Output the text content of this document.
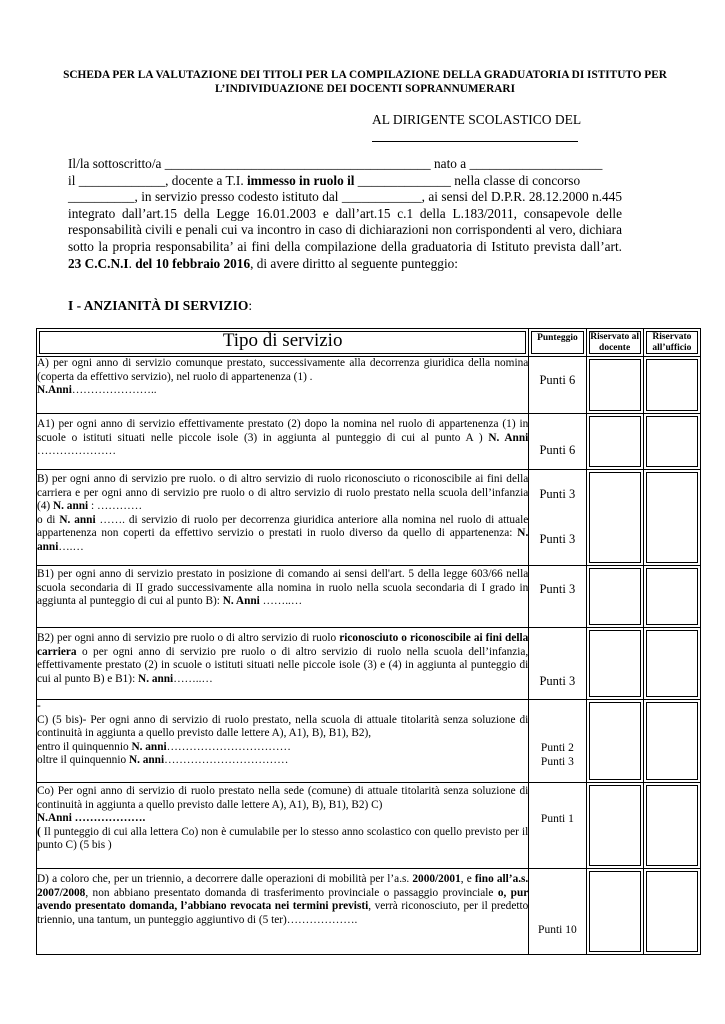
SCHEDA PER LA VALUTAZIONE DEI TITOLI PER LA COMPILAZIONE DELLA GRADUATORIA DI ISTITUTO PER L’INDIVIDUAZIONE DEI DOCENTI SOPRANNUMERARI
AL DIRIGENTE SCOLASTICO DEL

Il/la sottoscritto/a ________________________________________ nato a ____________________
il _____________, docente a T.I. immesso in ruolo il ______________ nella classe di concorso
__________, in servizio presso codesto istituto dal ____________, ai sensi del D.P.R. 28.12.2000 n.445 integrato dall’art.15 della Legge 16.01.2003 e dall’art.15 c.1 della L.183/2011, consapevole delle responsabilità civili e penali cui va incontro in caso di dichiarazioni non corrispondenti al vero, dichiara sotto la propria responsabilita’ ai fini della compilazione della graduatoria di Istituto prevista dall’art. 23 C.C.N.I. del 10 febbraio 2016, di avere diritto al seguente punteggio:

I - ANZIANITÀ DI SERVIZIO:
Tipo di servizio	Punteggio	Riservato al docente	Riservato all’ufficio

A) per ogni anno di servizio comunque prestato, successivamente alla decorrenza giuridica della nomina (coperta da effettivo servizio), nel ruolo di appartenenza (1) .
N.Anni…………………..	Punti 6		

A1) per ogni anno di servizio effettivamente prestato (2) dopo la nomina nel ruolo di appartenenza (1) in scuole o istituti situati nelle piccole isole (3) in aggiunta al punteggio di cui al punto A ) N. Anni …………………	Punti 6		

B) per ogni anno di servizio pre ruolo. o di altro servizio di ruolo riconosciuto o riconoscibile ai fini della carriera e per ogni anno di servizio pre ruolo o di altro servizio di ruolo prestato nella scuola dell’infanzia (4) N. anni : …………
o di N. anni ……. di servizio di ruolo per decorrenza giuridica anteriore alla nomina nel ruolo di attuale appartenenza non coperti da effettivo servizio o prestati in ruolo diverso da quello di appartenenza: N. anni….…	Punti 3
Punti 3		

B1) per ogni anno di servizio prestato in posizione di comando ai sensi dell'art. 5 della legge 603/66 nella scuola secondaria di II grado successivamente alla nomina in ruolo nella scuola secondaria di I grado in aggiunta al punteggio di cui al punto B): N. Anni ……..…	Punti 3		

B2) per ogni anno di servizio pre ruolo o di altro servizio di ruolo riconosciuto o riconoscibile ai fini della carriera o per ogni anno di servizio pre ruolo o di altro servizio di ruolo nella scuola dell’infanzia, effettivamente prestato (2) in scuole o istituti situati nelle piccole isole (3) e (4) in aggiunta al punteggio di cui al punto B) e B1): N. anni……..…	Punti 3		

-
C) (5 bis)- Per ogni anno di servizio di ruolo prestato, nella scuola di attuale titolarità senza soluzione di continuità in aggiunta a quello previsto dalle lettere A), A1), B), B1), B2),
entro il quinquennio N. anni……………………………
oltre il quinquennio N. anni……………………………	Punti 2
Punti 3		

Co) Per ogni anno di servizio di ruolo prestato nella sede (comune) di attuale titolarità senza soluzione di continuità in aggiunta a quello previsto dalle lettere A), A1), B), B1), B2) C)
N.Anni ……………….
( Il punteggio di cui alla lettera Co) non è cumulabile per lo stesso anno scolastico con quello previsto per il punto C) (5 bis )	Punti 1		

D) a coloro che, per un triennio, a decorrere dalle operazioni di mobilità per l’a.s. 2000/2001, e fino all’a.s. 2007/2008, non abbiano presentato domanda di trasferimento provinciale o passaggio provinciale o, pur avendo presentato domanda, l’abbiano revocata nei termini previsti, verrà riconosciuto, per il predetto triennio, una tantum, un punteggio aggiuntivo di (5 ter)……………….	Punti 10		
